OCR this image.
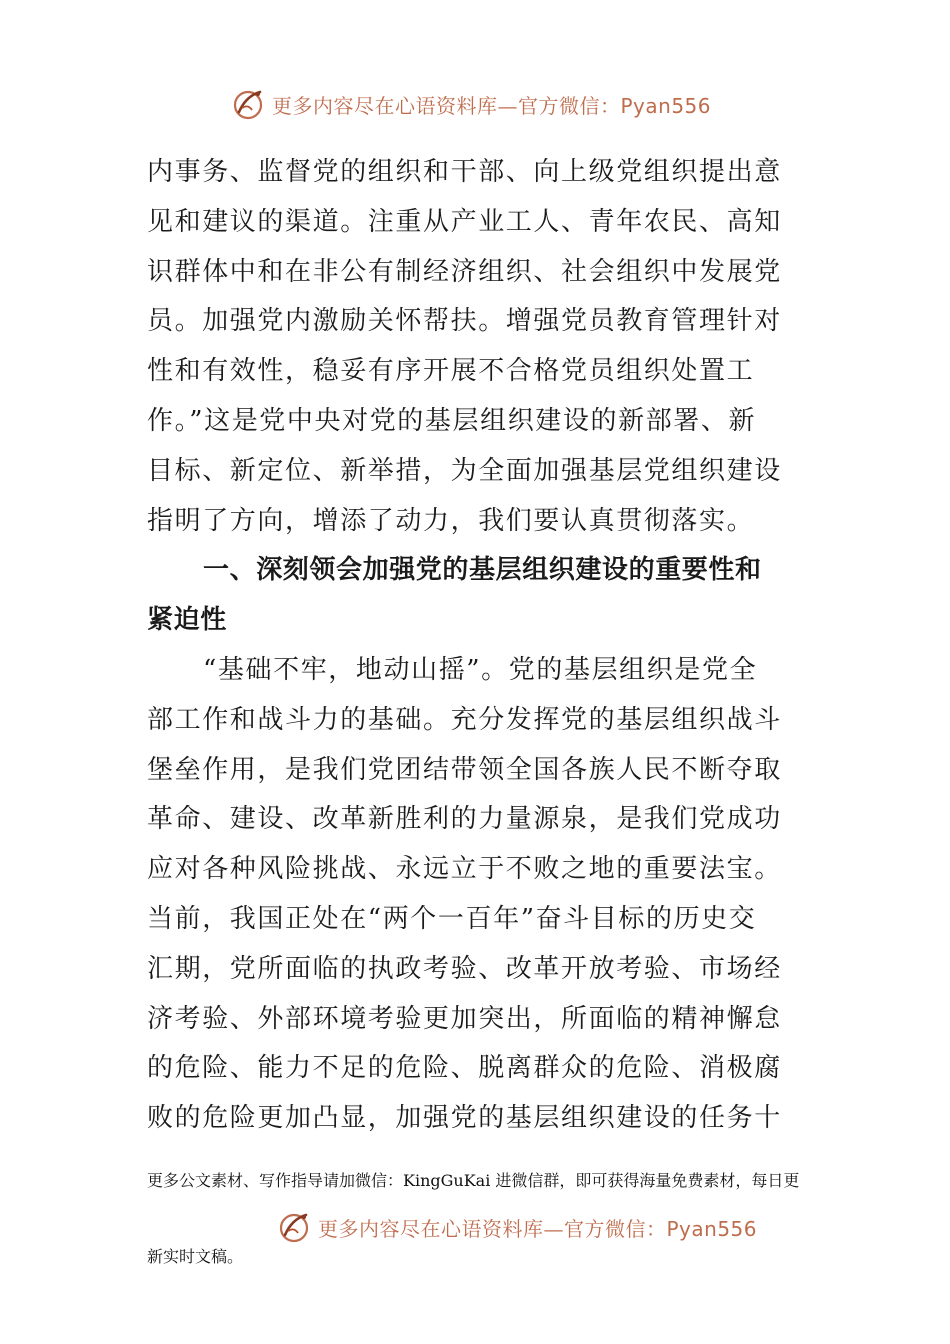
更多内容尽在心语资料库—官方微信：Pyan556
内事务、监督党的组织和干部、向上级党组织提出意
见和建议的渠道。注重从产业工人、青年农民、高知
识群体中和在非公有制经济组织、社会组织中发展党
员。加强党内激励关怀帮扶。增强党员教育管理针对
性和有效性，稳妥有序开展不合格党员组织处置工
作。”这是党中央对党的基层组织建设的新部署、新
目标、新定位、新举措，为全面加强基层党组织建设
指明了方向，增添了动力，我们要认真贯彻落实。
一、深刻领会加强党的基层组织建设的重要性和
紧迫性
“基础不牢，地动山摇”。党的基层组织是党全
部工作和战斗力的基础。充分发挥党的基层组织战斗
堡垒作用，是我们党团结带领全国各族人民不断夺取
革命、建设、改革新胜利的力量源泉，是我们党成功
应对各种风险挑战、永远立于不败之地的重要法宝。
当前，我国正处在“两个一百年”奋斗目标的历史交
汇期，党所面临的执政考验、改革开放考验、市场经
济考验、外部环境考验更加突出，所面临的精神懈怠
的危险、能力不足的危险、脱离群众的危险、消极腐
败的危险更加凸显，加强党的基层组织建设的任务十
更多公文素材、写作指导请加微信：KingGuKai 进微信群，即可获得海量免费素材，每日更
更多内容尽在心语资料库—官方微信：Pyan556
新实时文稿。
